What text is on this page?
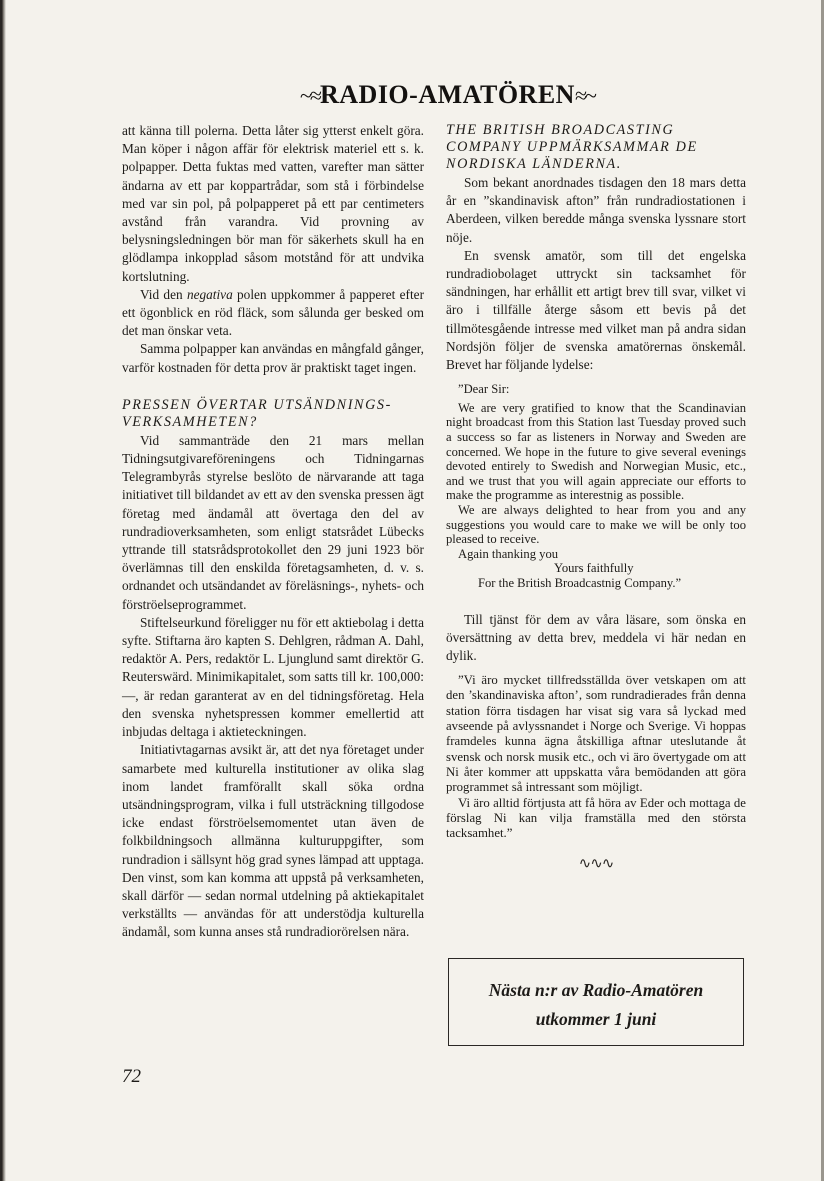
~≈RADIO-AMATÖREN≈~

att känna till polerna. Detta låter sig ytterst enkelt göra. Man köper i någon affär för elektrisk materiel ett s. k. polpapper. Detta fuktas med vatten, varefter man sätter ändarna av ett par koppartrådar, som stå i förbindelse med var sin pol, på polpapperet på ett par centimeters avstånd från varandra. Vid provning av belysningsledningen bör man för säkerhets skull ha en glödlampa inkopplad såsom motstånd för att undvika kortslutning.

Vid den negativa polen uppkommer å papperet efter ett ögonblick en röd fläck, som sålunda ger besked om det man önskar veta.

Samma polpapper kan användas en mångfald gånger, varför kostnaden för detta prov är praktiskt taget ingen.

PRESSEN ÖVERTAR UTSÄNDNINGS-VERKSAMHETEN?

Vid sammanträde den 21 mars mellan Tidningsutgivareföreningens och Tidningarnas Telegrambyrås styrelse beslöto de närvarande att taga initiativet till bildandet av ett av den svenska pressen ägt företag med ändamål att övertaga den del av rundradioverksamheten, som enligt statsrådet Lübecks yttrande till statsrådsprotokollet den 29 juni 1923 bör överlämnas till den enskilda företagsamheten, d. v. s. ordnandet och utsändandet av föreläsnings-, nyhets- och förströelseprogrammet.

Stiftelseurkund föreligger nu för ett aktiebolag i detta syfte. Stiftarna äro kapten S. Dehlgren, rådman A. Dahl, redaktör A. Pers, redaktör L. Ljunglund samt direktör G. Reuterswärd. Minimikapitalet, som satts till kr. 100,000:—, är redan garanterat av en del tidningsföretag. Hela den svenska nyhetspressen kommer emellertid att inbjudas deltaga i aktieteckningen.

Initiativtagarnas avsikt är, att det nya företaget under samarbete med kulturella institutioner av olika slag inom landet framförallt skall söka ordna utsändningsprogram, vilka i full utsträckning tillgodose icke endast förströelsemomentet utan även de folkbildningsoch allmänna kulturuppgifter, som rundradion i sällsynt hög grad synes lämpad att upptaga. Den vinst, som kan komma att uppstå på verksamheten, skall därför — sedan normal utdelning på aktiekapitalet verkställts — användas för att understödja kulturella ändamål, som kunna anses stå rundradiorörelsen nära.

THE BRITISH BROADCASTING COMPANY UPPMÄRKSAMMAR DE NORDISKA LÄNDERNA.

Som bekant anordnades tisdagen den 18 mars detta år en ”skandinavisk afton” från rundradiostationen i Aberdeen, vilken beredde många svenska lyssnare stort nöje.

En svensk amatör, som till det engelska rundradiobolaget uttryckt sin tacksamhet för sändningen, har erhållit ett artigt brev till svar, vilket vi äro i tillfälle återge såsom ett bevis på det tillmötesgående intresse med vilket man på andra sidan Nordsjön följer de svenska amatörernas önskemål. Brevet har följande lydelse:

”Dear Sir:

We are very gratified to know that the Scandinavian night broadcast from this Station last Tuesday proved such a success so far as listeners in Norway and Sweden are concerned. We hope in the future to give several evenings devoted entirely to Swedish and Norwegian Music, etc., and we trust that you will again appreciate our efforts to make the programme as interestnig as possible.

We are always delighted to hear from you and any suggestions you would care to make we will be only too pleased to receive.

Again thanking you

Yours faithfully

For the British Broadcastnig Company.”

Till tjänst för dem av våra läsare, som önska en översättning av detta brev, meddela vi här nedan en dylik.

”Vi äro mycket tillfredsställda över vetskapen om att den ’skandinaviska afton’, som rundradierades från denna station förra tisdagen har visat sig vara så lyckad med avseende på avlyssnandet i Norge och Sverige. Vi hoppas framdeles kunna ägna åtskilliga aftnar uteslutande åt svensk och norsk musik etc., och vi äro övertygade om att Ni åter kommer att uppskatta våra bemödanden att göra programmet så intressant som möjligt.

Vi äro alltid förtjusta att få höra av Eder och mottaga de förslag Ni kan vilja framställa med den största tacksamhet.”

∿∿∿
Nästa n:r av Radio-Amatören
utkommer 1 juni
72
